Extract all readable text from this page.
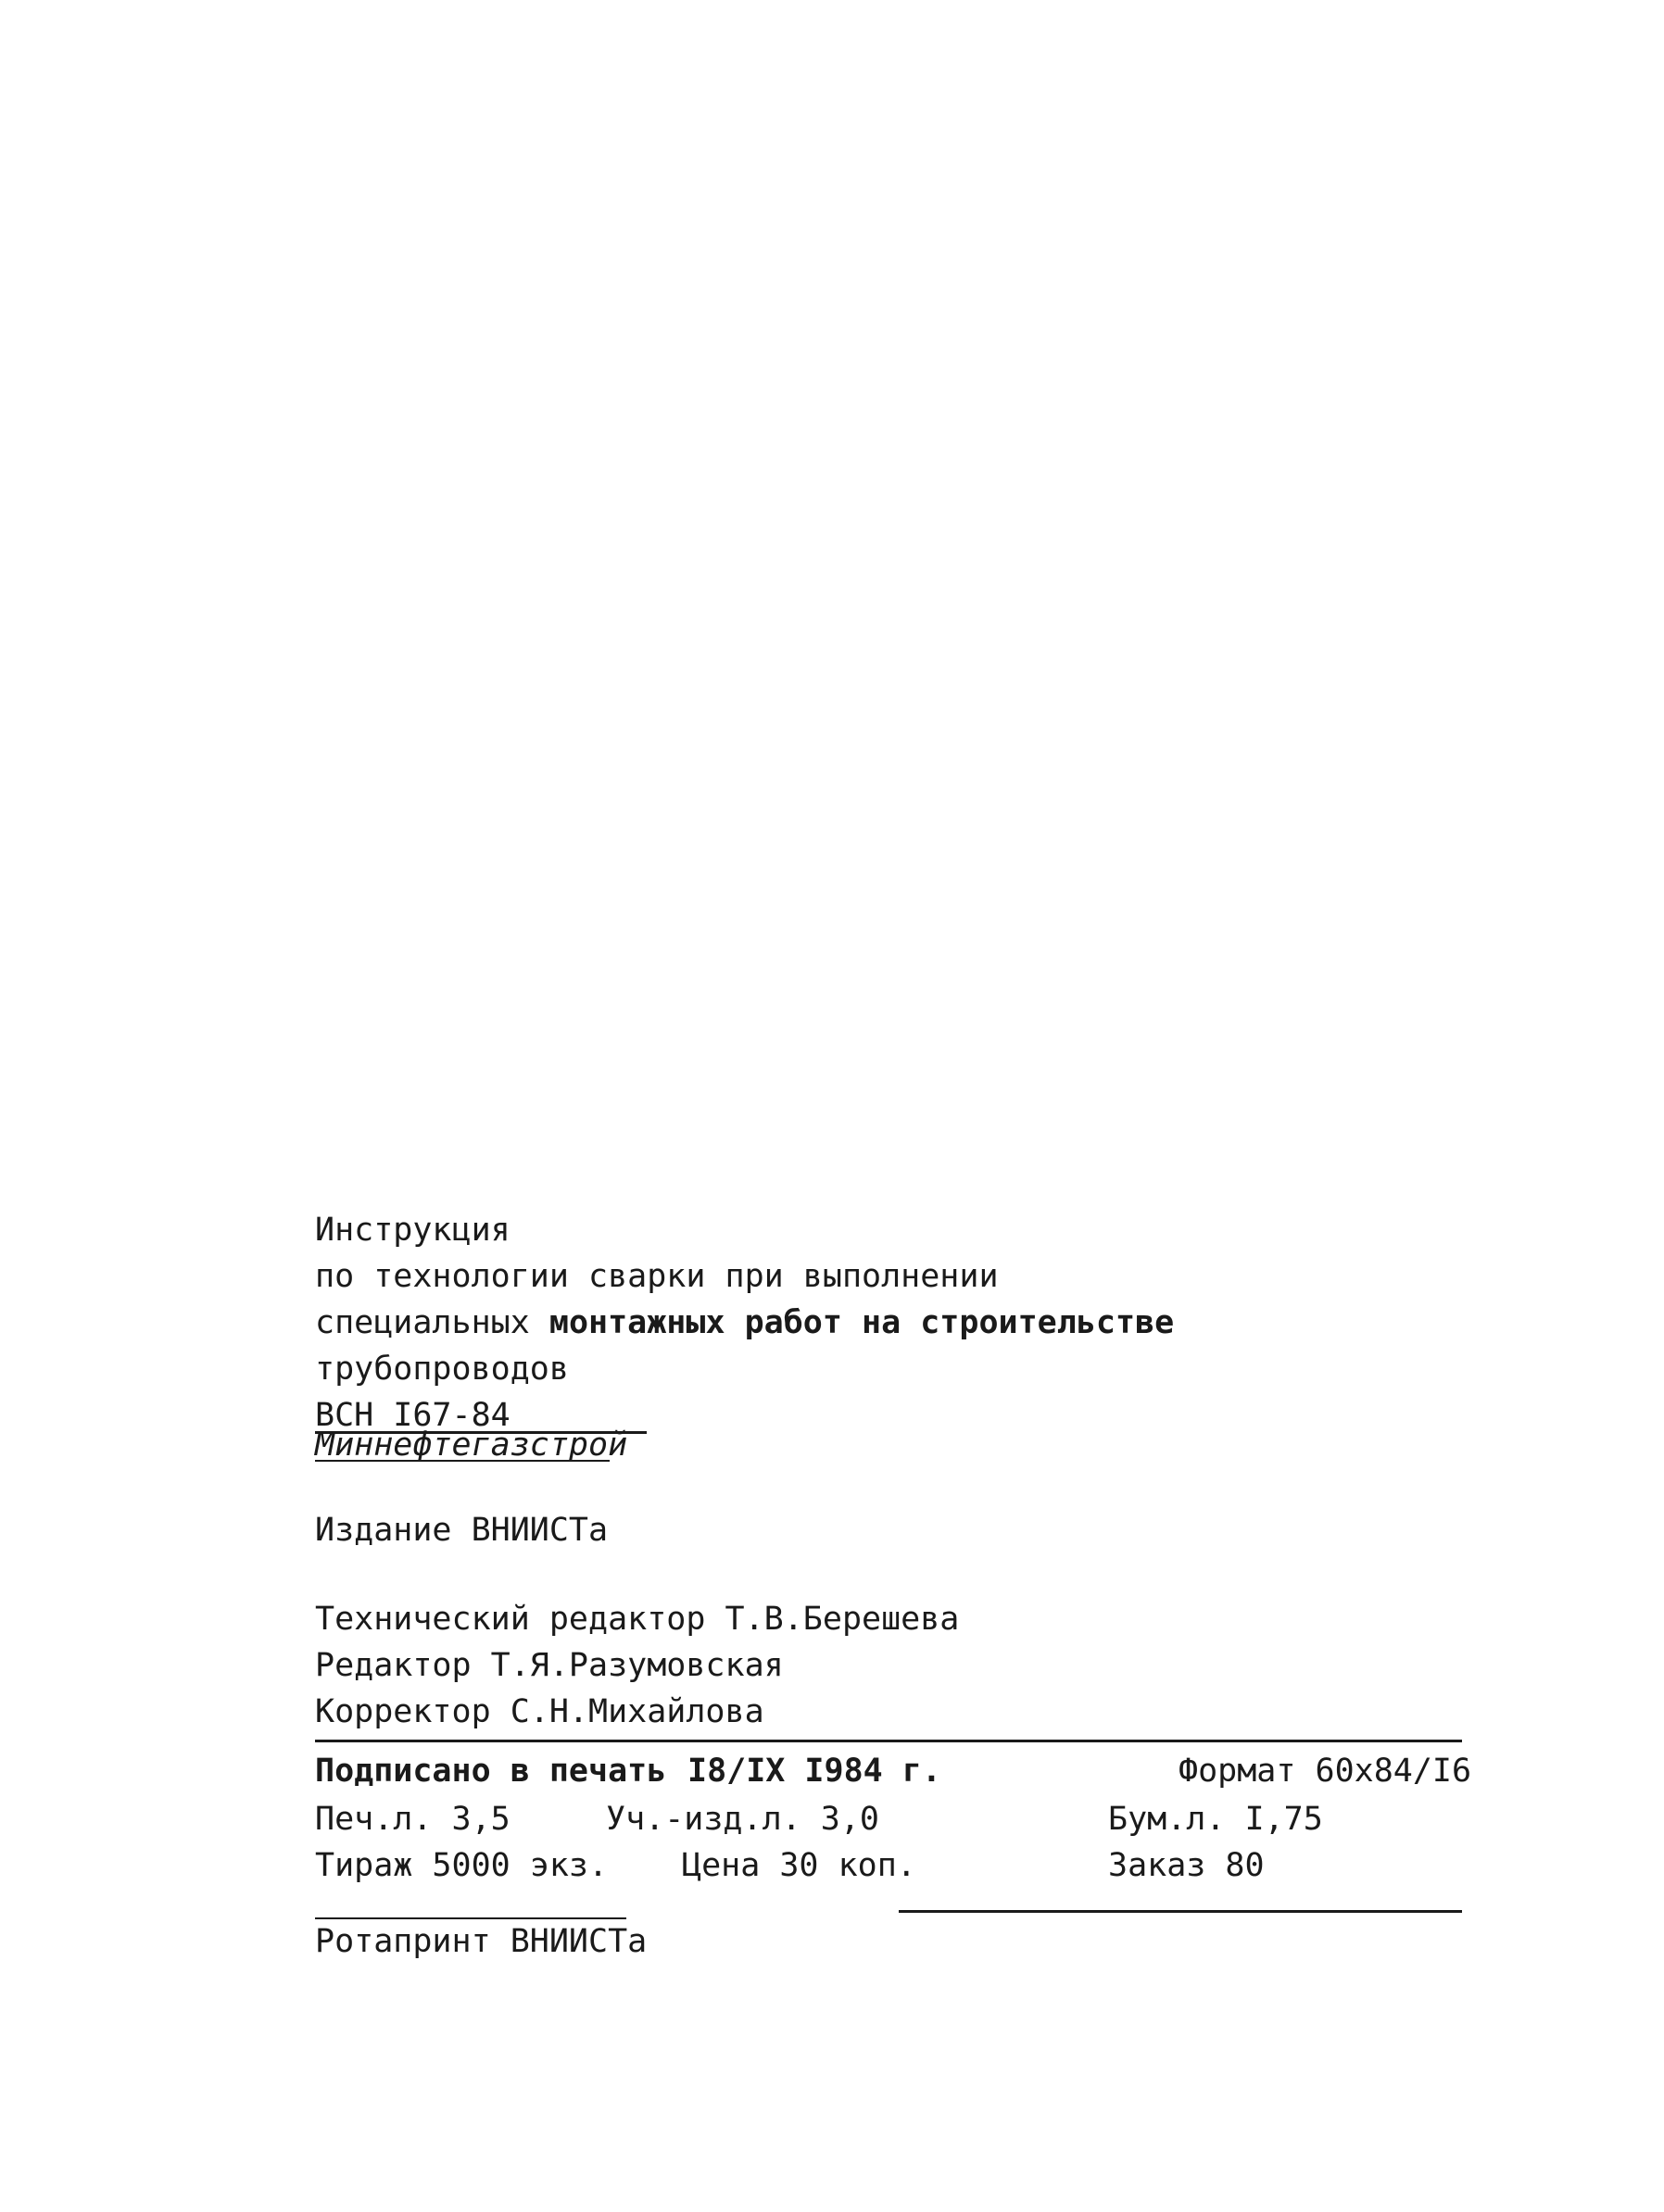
Инструкция
по технологии сварки при выполнении
специальных монтажных работ на строительстве
трубопроводов
ВСН I67-84
Миннефтегазстрой
Издание ВНИИСТа
Технический редактор Т.В.Берешева
Редактор Т.Я.Разумовская
Корректор С.Н.Михайлова
Подписано в печать I8/IX I984 г.	Формат 60х84/I6
Печ.л. 3,5	Уч.-изд.л. 3,0	Бум.л. I,75
Тираж 5000 экз. Цена 30 коп.	Заказ 80
Ротапринт ВНИИСТа
